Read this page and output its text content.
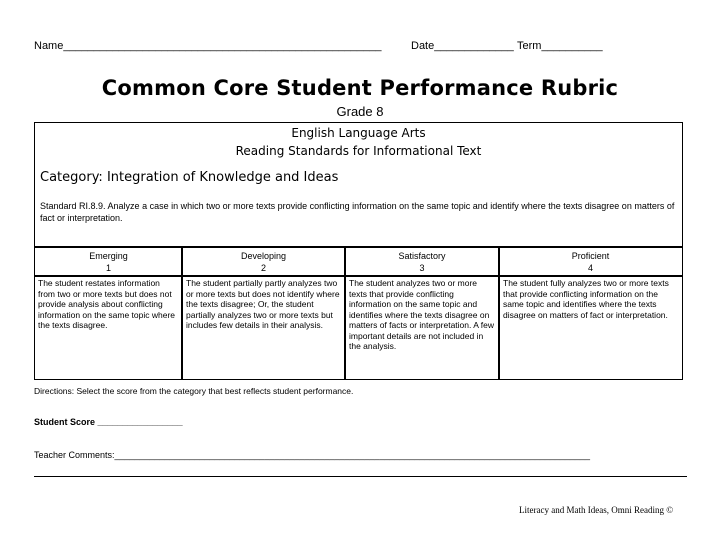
Name____________________________________________________	Date_____________ Term__________
Common Core Student Performance Rubric
Grade 8
English Language Arts
Reading Standards for Informational Text
Category: Integration of Knowledge and Ideas
Standard RI.8.9. Analyze a case in which two or more texts provide conflicting information on the same topic and identify where the texts disagree on matters of fact or interpretation.
Emerging
1
Developing
2
Satisfactory
3
Proficient
4
The student restates information from two or more texts but does not provide analysis about conflicting information on the same topic where the texts disagree.
The student partially partly analyzes two or more texts but does not identify where the texts disagree; Or, the student partially analyzes two or more texts but includes few details in their analysis.
The student analyzes two or more texts that provide conflicting information on the same topic and identifies where the texts disagree on matters of facts or interpretation. A few important details are not included in the analysis.
The student fully analyzes two or more texts that provide conflicting information on the same topic and identifies where the texts disagree on matters of fact or interpretation.
Directions: Select the score from the category that best reflects student performance.
Student Score _________________
Teacher Comments:_______________________________________________________________________________________________
Literacy and Math Ideas, Omni Reading ©
